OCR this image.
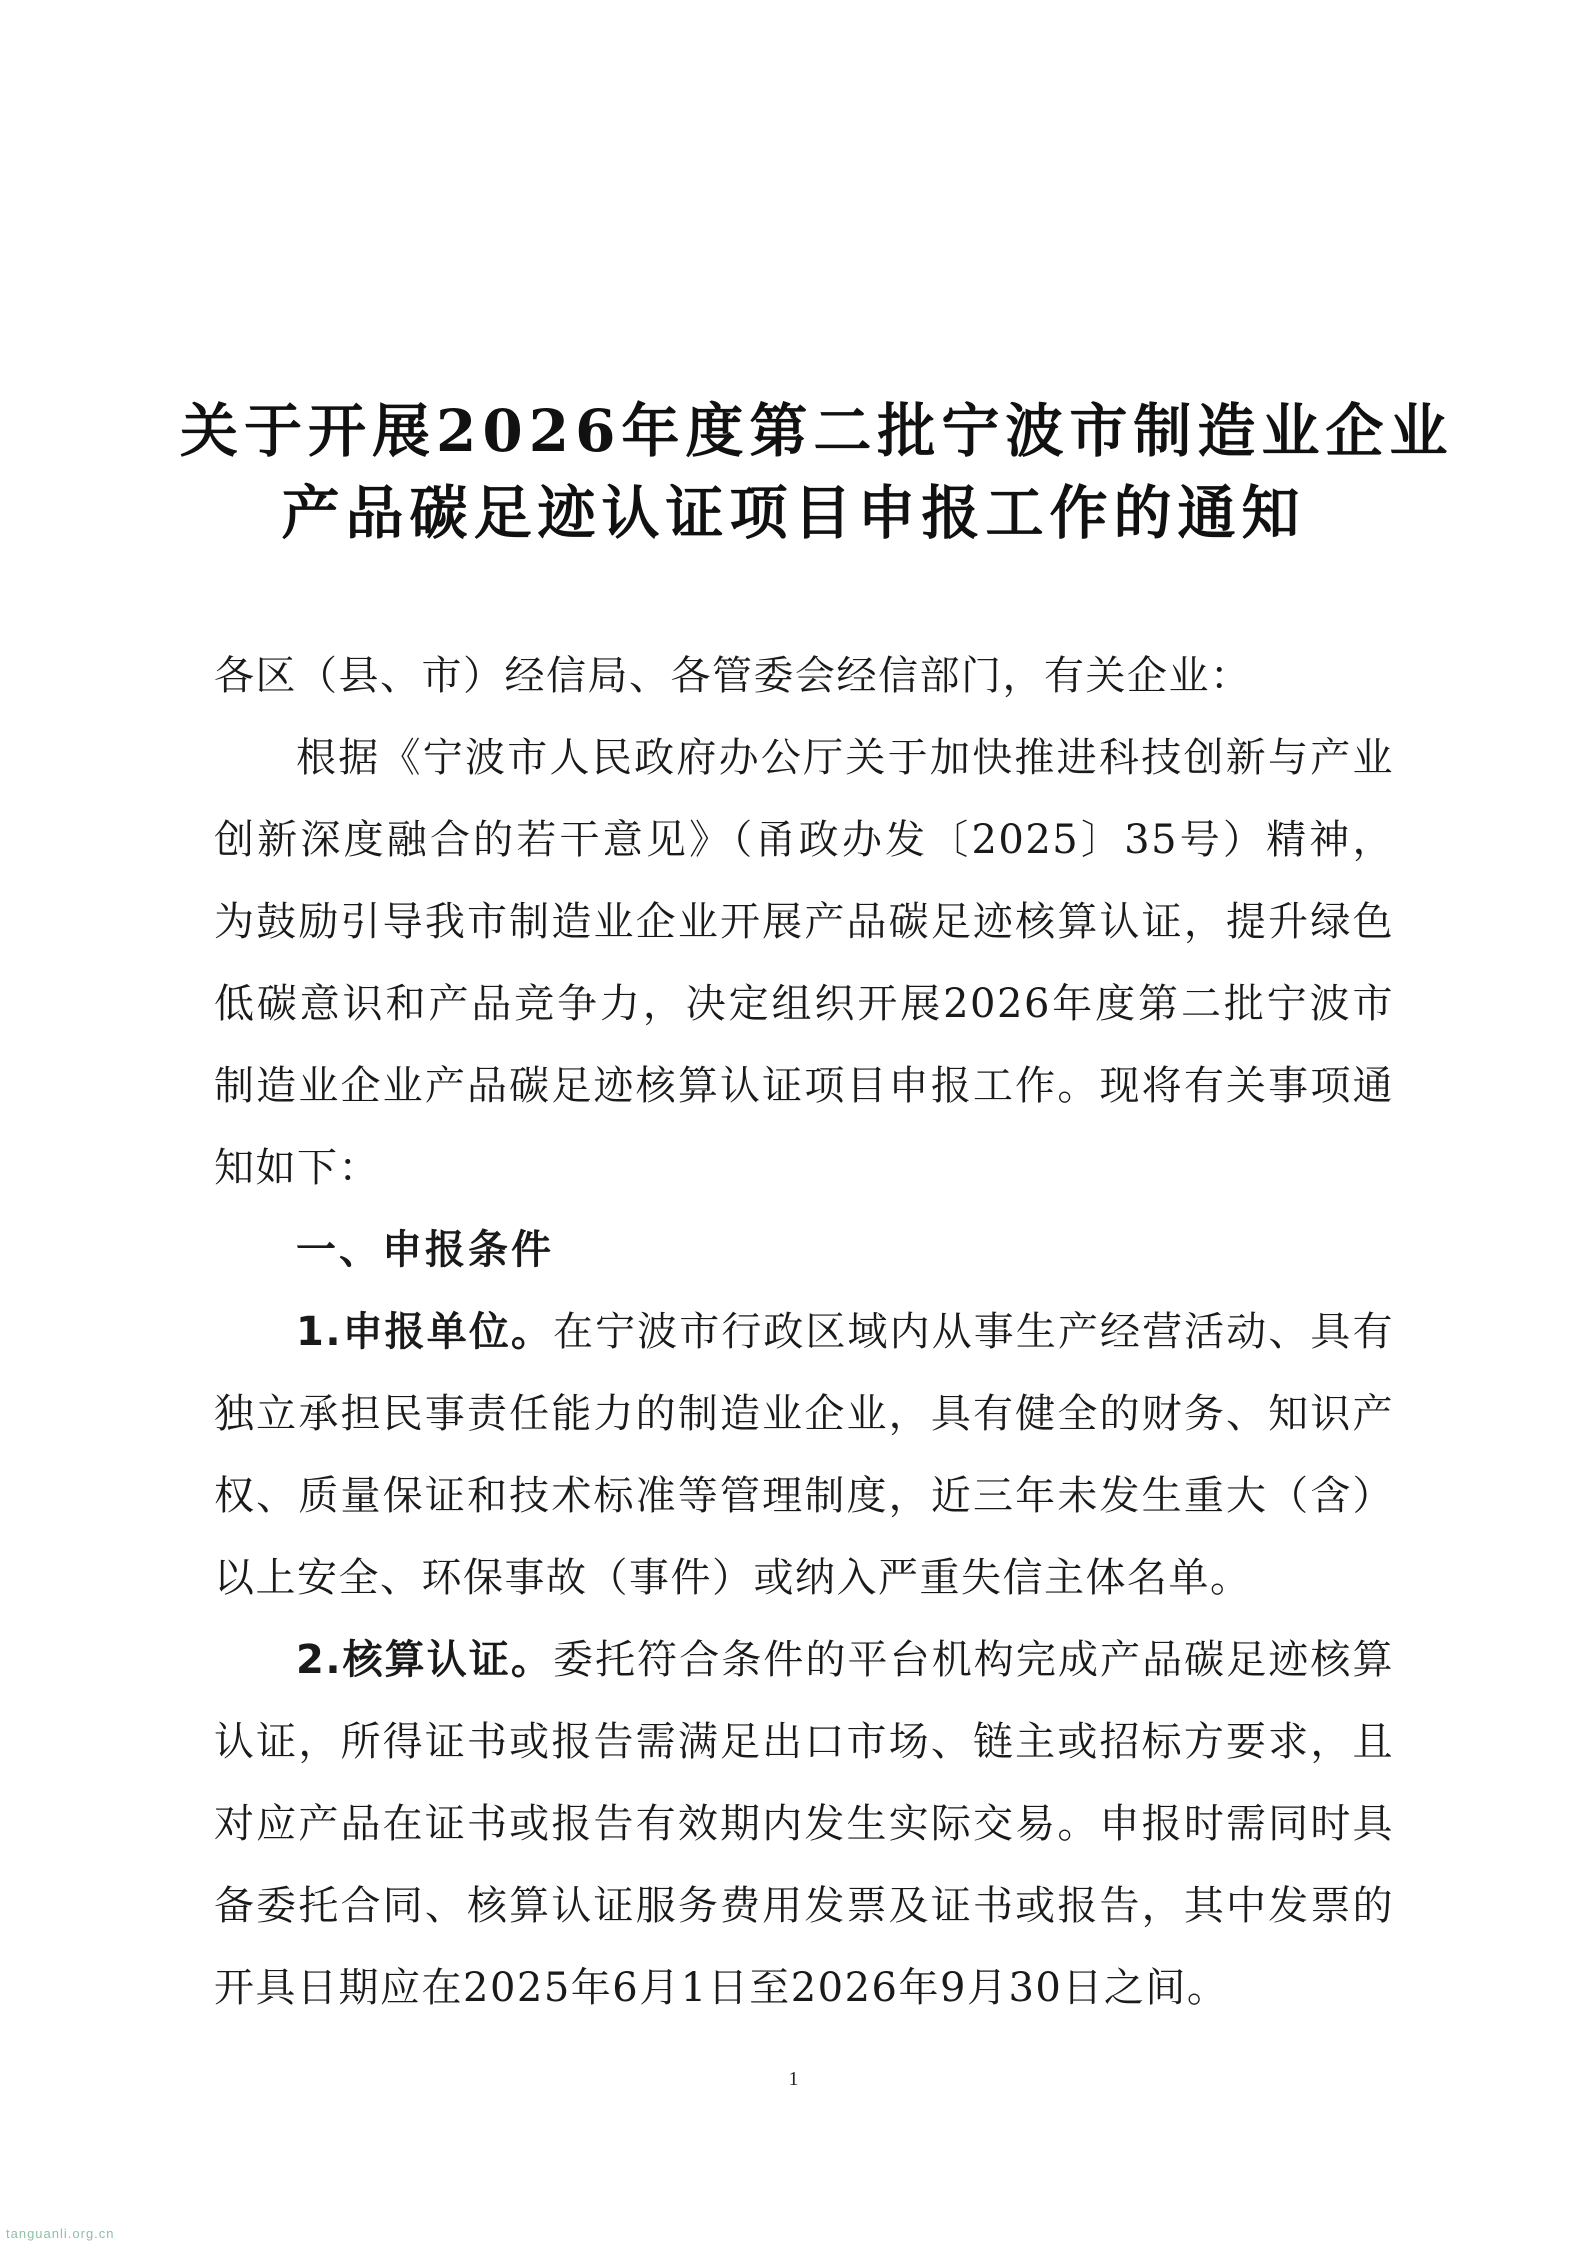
关于开展2026年度第二批宁波市制造业企业
产品碳足迹认证项目申报工作的通知
各区（县、市）经信局、各管委会经信部门，有关企业：
根据《宁波市人民政府办公厅关于加快推进科技创新与产业
创新深度融合的若干意见》（甬政办发〔2025〕35号）精神，
为鼓励引导我市制造业企业开展产品碳足迹核算认证，提升绿色
低碳意识和产品竞争力，决定组织开展2026年度第二批宁波市
制造业企业产品碳足迹核算认证项目申报工作。现将有关事项通
知如下：
一、申报条件
1.申报单位。在宁波市行政区域内从事生产经营活动、具有
独立承担民事责任能力的制造业企业，具有健全的财务、知识产
权、质量保证和技术标准等管理制度，近三年未发生重大（含）
以上安全、环保事故（事件）或纳入严重失信主体名单。
2.核算认证。委托符合条件的平台机构完成产品碳足迹核算
认证，所得证书或报告需满足出口市场、链主或招标方要求，且
对应产品在证书或报告有效期内发生实际交易。申报时需同时具
备委托合同、核算认证服务费用发票及证书或报告，其中发票的
开具日期应在2025年6月1日至2026年9月30日之间。
1
tanguanli.org.cn
